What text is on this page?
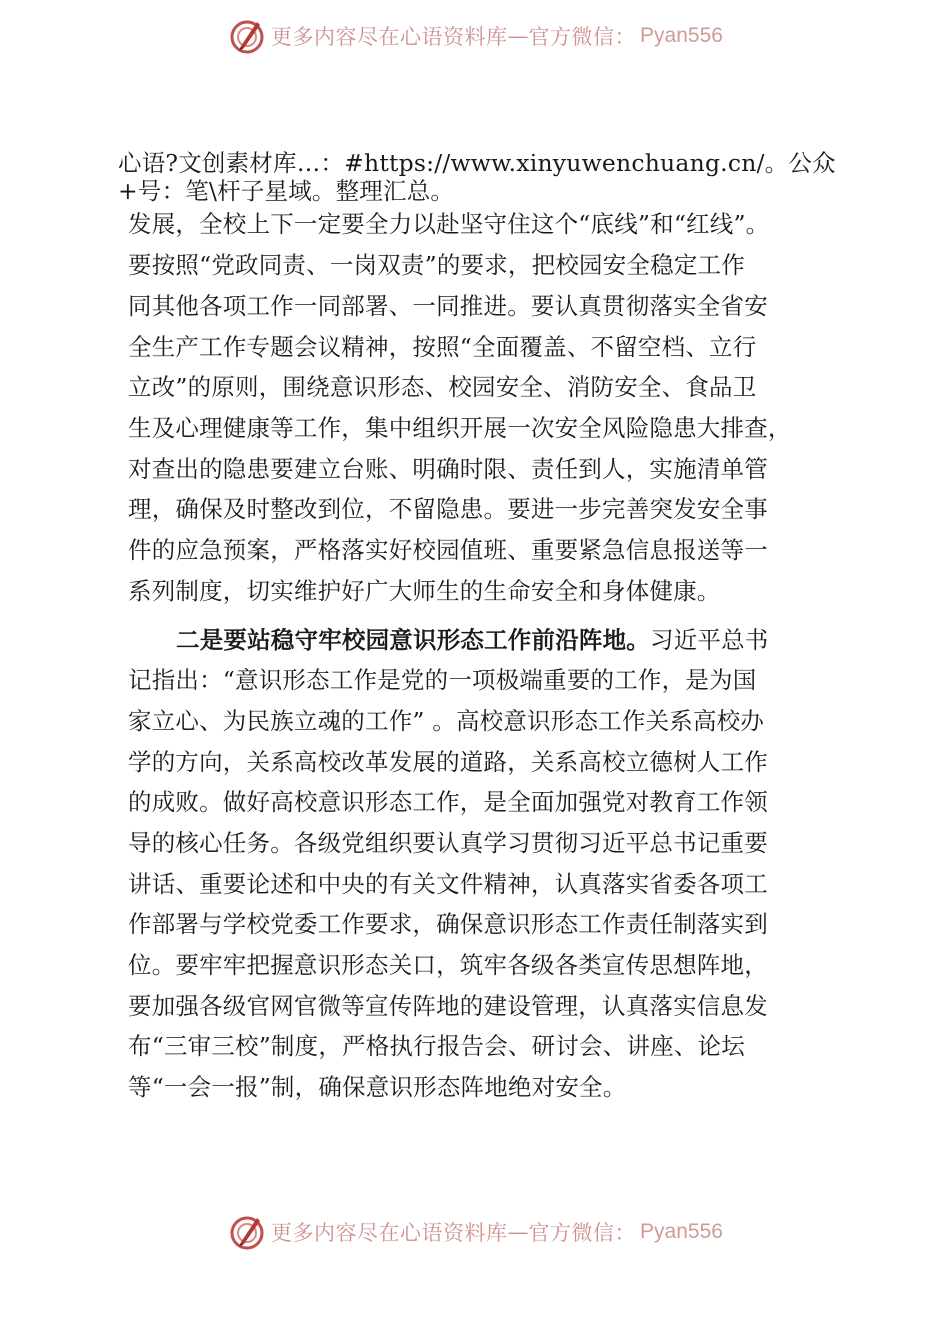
更多内容尽在心语资料库 — 官方微信： Pyan556
心语?文创素材库…：#https://www.xinyuwenchuang.cn/。公众
+号：笔\杆子星域。整理汇总。
发展，全校上下一定要全力以赴坚守住这个“底线”和“红线”。
要按照“党政同责、一岗双责”的要求，把校园安全稳定工作
同其他各项工作一同部署、一同推进。要认真贯彻落实全省安
全生产工作专题会议精神，按照“全面覆盖、不留空档、立行
立改”的原则，围绕意识形态、校园安全、消防安全、食品卫
生及心理健康等工作，集中组织开展一次安全风险隐患大排查，
对查出的隐患要建立台账、明确时限、责任到人，实施清单管
理，确保及时整改到位，不留隐患。要进一步完善突发安全事
件的应急预案，严格落实好校园值班、重要紧急信息报送等一
系列制度，切实维护好广大师生的生命安全和身体健康。
二是要站稳守牢校园意识形态工作前沿阵地。习近平总书
记指出：“意识形态工作是党的一项极端重要的工作，是为国
家立心、为民族立魂的工作” 。高校意识形态工作关系高校办
学的方向，关系高校改革发展的道路，关系高校立德树人工作
的成败。做好高校意识形态工作，是全面加强党对教育工作领
导的核心任务。各级党组织要认真学习贯彻习近平总书记重要
讲话、重要论述和中央的有关文件精神，认真落实省委各项工
作部署与学校党委工作要求，确保意识形态工作责任制落实到
位。要牢牢把握意识形态关口，筑牢各级各类宣传思想阵地，
要加强各级官网官微等宣传阵地的建设管理，认真落实信息发
布“三审三校”制度，严格执行报告会、研讨会、讲座、论坛
等“一会一报”制，确保意识形态阵地绝对安全。
更多内容尽在心语资料库 — 官方微信： Pyan556
